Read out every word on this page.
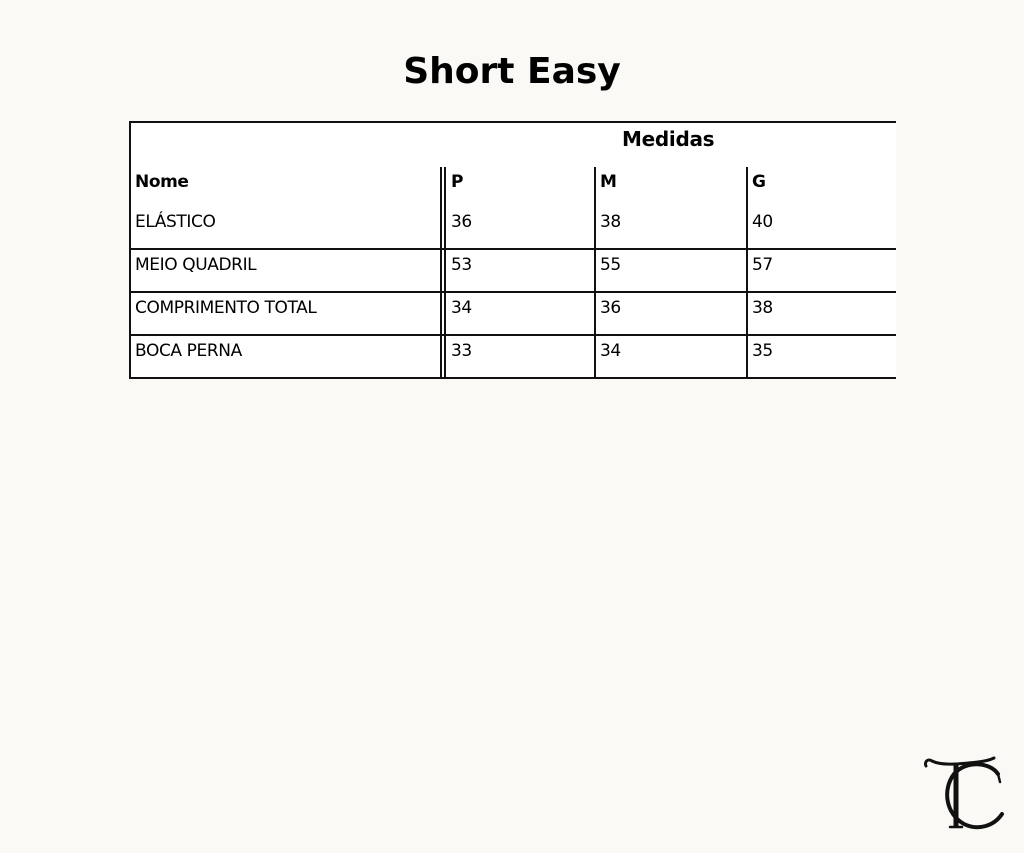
Short Easy
Medidas
Nome	P	M	G
ELÁSTICO	36	38	40
MEIO QUADRIL	53	55	57
COMPRIMENTO TOTAL	34	36	38
BOCA PERNA	33	34	35
